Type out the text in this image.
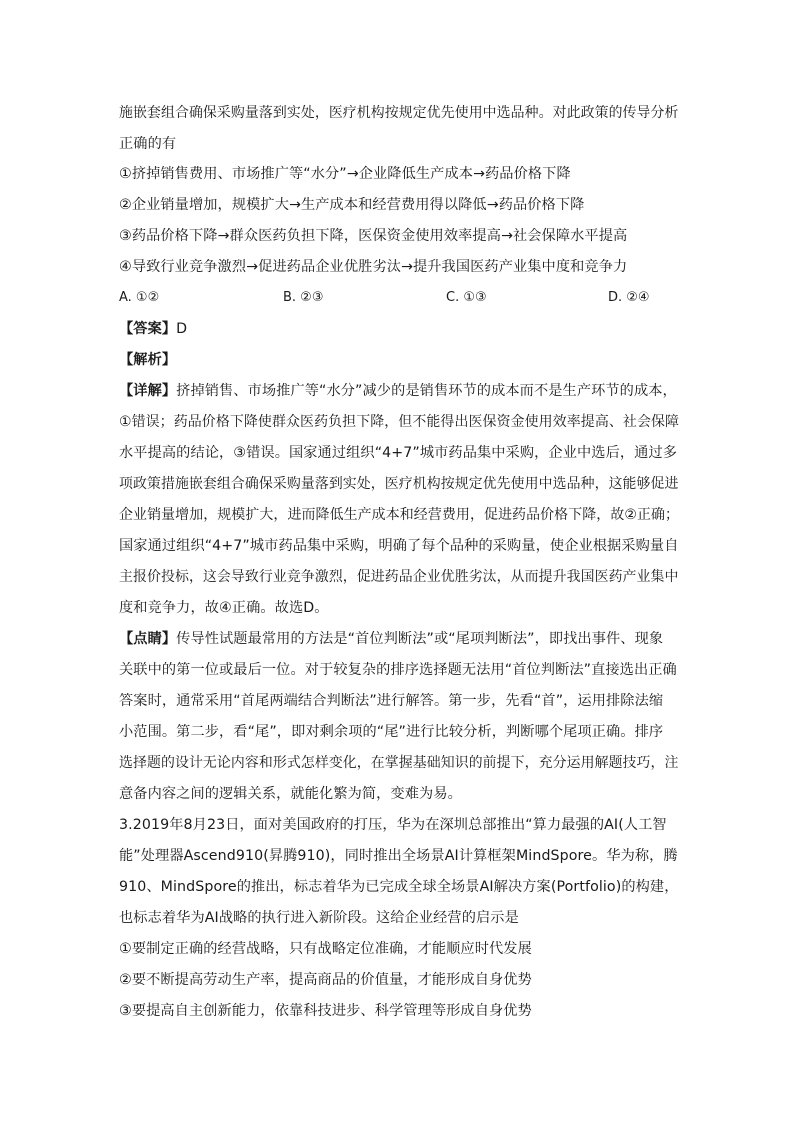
施嵌套组合确保采购量落到实处，医疗机构按规定优先使用中选品种。对此政策的传导分析
正确的有
①挤掉销售费用、市场推广等“水分”→企业降低生产成本→药品价格下降
②企业销量增加，规模扩大→生产成本和经营费用得以降低→药品价格下降
③药品价格下降→群众医药负担下降，医保资金使用效率提高→社会保障水平提高
④导致行业竞争激烈→促进药品企业优胜劣汰→提升我国医药产业集中度和竞争力
A. ①②	B. ②③	C. ①③	D. ②④
【答案】D
【解析】
【详解】挤掉销售、市场推广等“水分”减少的是销售环节的成本而不是生产环节的成本，
①错误；药品价格下降使群众医药负担下降，但不能得出医保资金使用效率提高、社会保障
水平提高的结论，③错误。国家通过组织“4+7”城市药品集中采购，企业中选后，通过多
项政策措施嵌套组合确保采购量落到实处，医疗机构按规定优先使用中选品种，这能够促进
企业销量增加，规模扩大，进而降低生产成本和经营费用，促进药品价格下降，故②正确；
国家通过组织“4+7”城市药品集中采购，明确了每个品种的采购量，使企业根据采购量自
主报价投标，这会导致行业竞争激烈，促进药品企业优胜劣汰，从而提升我国医药产业集中
度和竞争力，故④正确。故选D。
【点睛】传导性试题最常用的方法是“首位判断法”或“尾项判断法”，即找出事件、现象
关联中的第一位或最后一位。对于较复杂的排序选择题无法用“首位判断法”直接选出正确
答案时，通常采用“首尾两端结合判断法”进行解答。第一步，先看“首”，运用排除法缩
小范围。第二步，看“尾”，即对剩余项的“尾”进行比较分析，判断哪个尾项正确。排序
选择题的设计无论内容和形式怎样变化，在掌握基础知识的前提下，充分运用解题技巧，注
意备内容之间的逻辑关系，就能化繁为简，变难为易。
3.2019年8月23日，面对美国政府的打压，华为在深圳总部推出“算力最强的AI(人工智
能”处理器Ascend910(昇腾910)，同时推出全场景AI计算框架MindSpore。华为称，腾
910、MindSpore的推出，标志着华为已完成全球全场景AI解决方案(Portfolio)的构建，
也标志着华为AI战略的执行进入新阶段。这给企业经营的启示是
①要制定正确的经营战略，只有战略定位准确，才能顺应时代发展
②要不断提高劳动生产率，提高商品的价值量，才能形成自身优势
③要提高自主创新能力，依靠科技进步、科学管理等形成自身优势
